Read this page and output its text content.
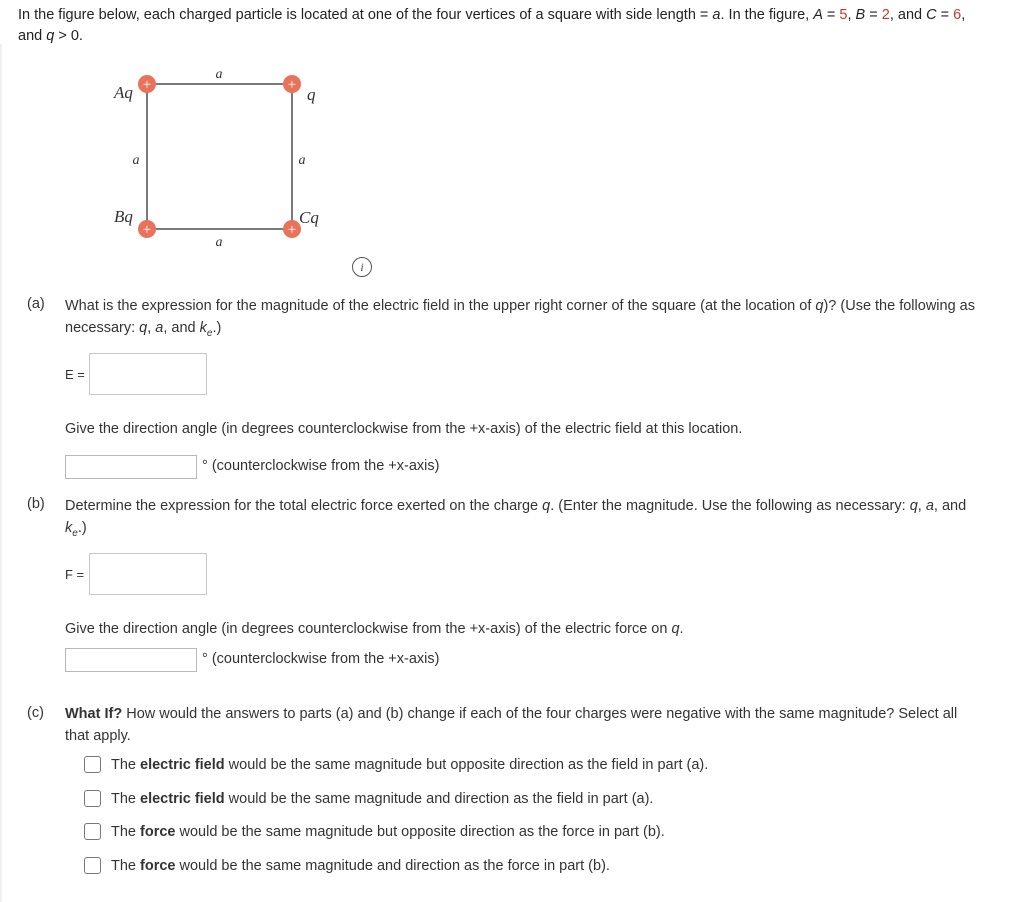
In the figure below, each charged particle is located at one of the four vertices of a square with side length = a. In the figure, A = 5, B = 2, and C = 6,
and q > 0.
+	+
+	+
Aq	q
Bq	Cq
a
a	a
a
i
(a) What is the expression for the magnitude of the electric field in the upper right corner of the square (at the location of q)? (Use the following as
necessary: q, a, and $k_e$.)
E =
Give the direction angle (in degrees counterclockwise from the +x-axis) of the electric field at this location.
° (counterclockwise from the +x-axis)
(b) Determine the expression for the total electric force exerted on the charge q. (Enter the magnitude. Use the following as necessary: q, a, and
$k_e$.)
F =
Give the direction angle (in degrees counterclockwise from the +x-axis) of the electric force on q.
° (counterclockwise from the +x-axis)
(c) What If? How would the answers to parts (a) and (b) change if each of the four charges were negative with the same magnitude? Select all
that apply.
The electric field would be the same magnitude but opposite direction as the field in part (a).
The electric field would be the same magnitude and direction as the field in part (a).
The force would be the same magnitude but opposite direction as the force in part (b).
The force would be the same magnitude and direction as the force in part (b).
